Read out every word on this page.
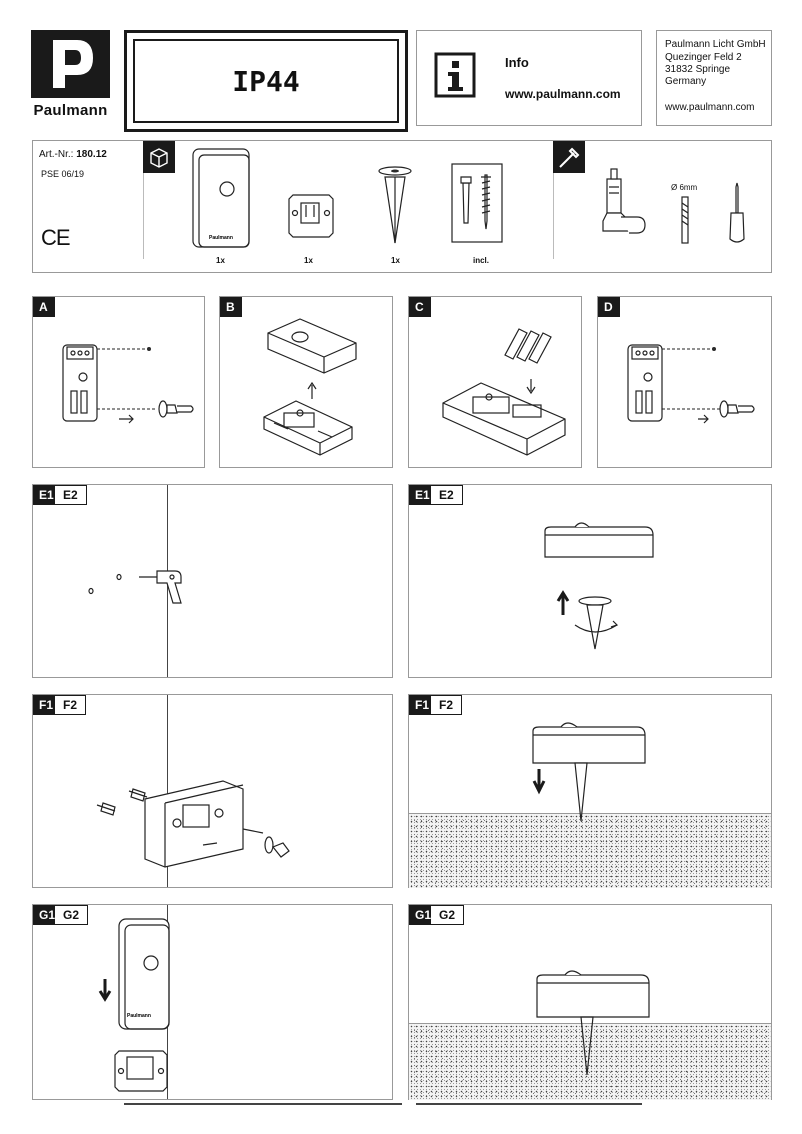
Paulmann
IP44
Info
www.paulmann.com
Paulmann Licht GmbH
Quezinger Feld 2
31832 Springe
Germany
www.paulmann.com
Art.-Nr.: 180.12
PSE 06/19
CE	Paulmann
1x	1x	1x	incl.
Ø 6mm
A	B	C	D
E1 E2	E1 E2
F1 F2	F1 F2
G1 G2
Paulmann
G1 G2
